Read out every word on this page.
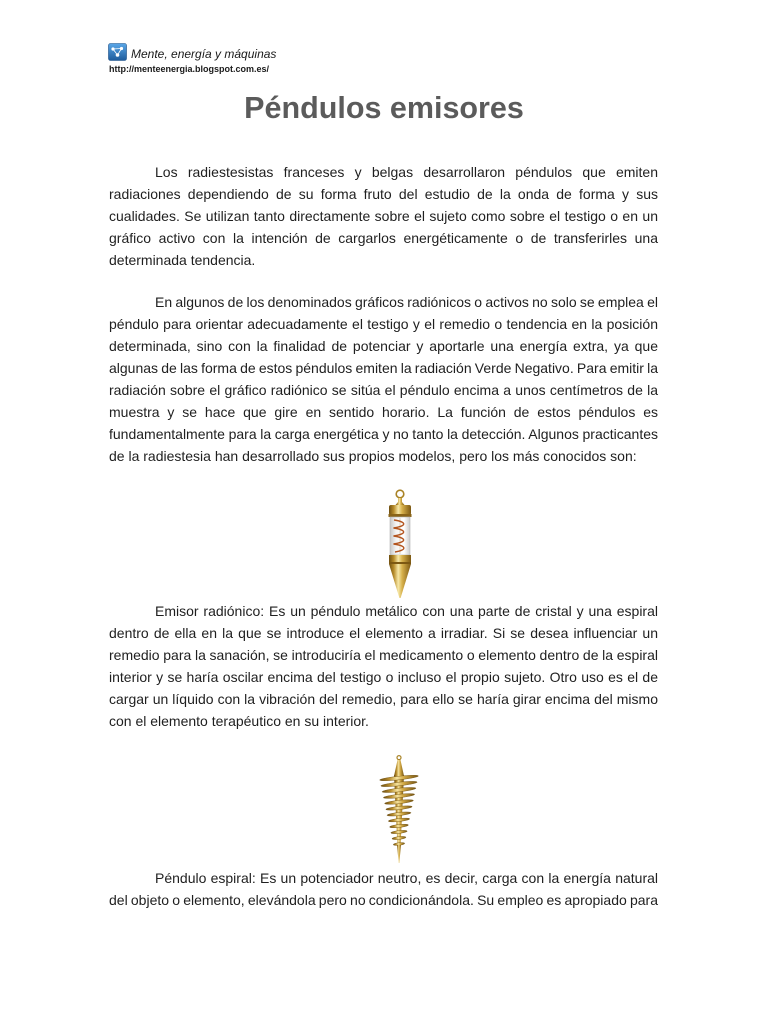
Mente, energía y máquinas
http://menteenergia.blogspot.com.es/
Péndulos emisores
Los radiestesistas franceses y belgas desarrollaron péndulos que emiten
radiaciones dependiendo de su forma fruto del estudio de la onda de forma y sus
cualidades. Se utilizan tanto directamente sobre el sujeto como sobre el testigo o en un
gráfico activo con la intención de cargarlos energéticamente o de transferirles una
determinada tendencia.
En algunos de los denominados gráficos radiónicos o activos no solo se emplea el
péndulo para orientar adecuadamente el testigo y el remedio o tendencia en la posición
determinada, sino con la finalidad de potenciar y aportarle una energía extra, ya que
algunas de las forma de estos péndulos emiten la radiación Verde Negativo. Para emitir la
radiación sobre el gráfico radiónico se sitúa el péndulo encima a unos centímetros de la
muestra y se hace que gire en sentido horario. La función de estos péndulos es
fundamentalmente para la carga energética y no tanto la detección. Algunos practicantes
de la radiestesia han desarrollado sus propios modelos, pero los más conocidos son:
Emisor radiónico: Es un péndulo metálico con una parte de cristal y una espiral
dentro de ella en la que se introduce el elemento a irradiar. Si se desea influenciar un
remedio para la sanación, se introduciría el medicamento o elemento dentro de la espiral
interior y se haría oscilar encima del testigo o incluso el propio sujeto. Otro uso es el de
cargar un líquido con la vibración del remedio, para ello se haría girar encima del mismo
con el elemento terapéutico en su interior.
Péndulo espiral: Es un potenciador neutro, es decir, carga con la energía natural
del objeto o elemento, elevándola pero no condicionándola. Su empleo es apropiado para
